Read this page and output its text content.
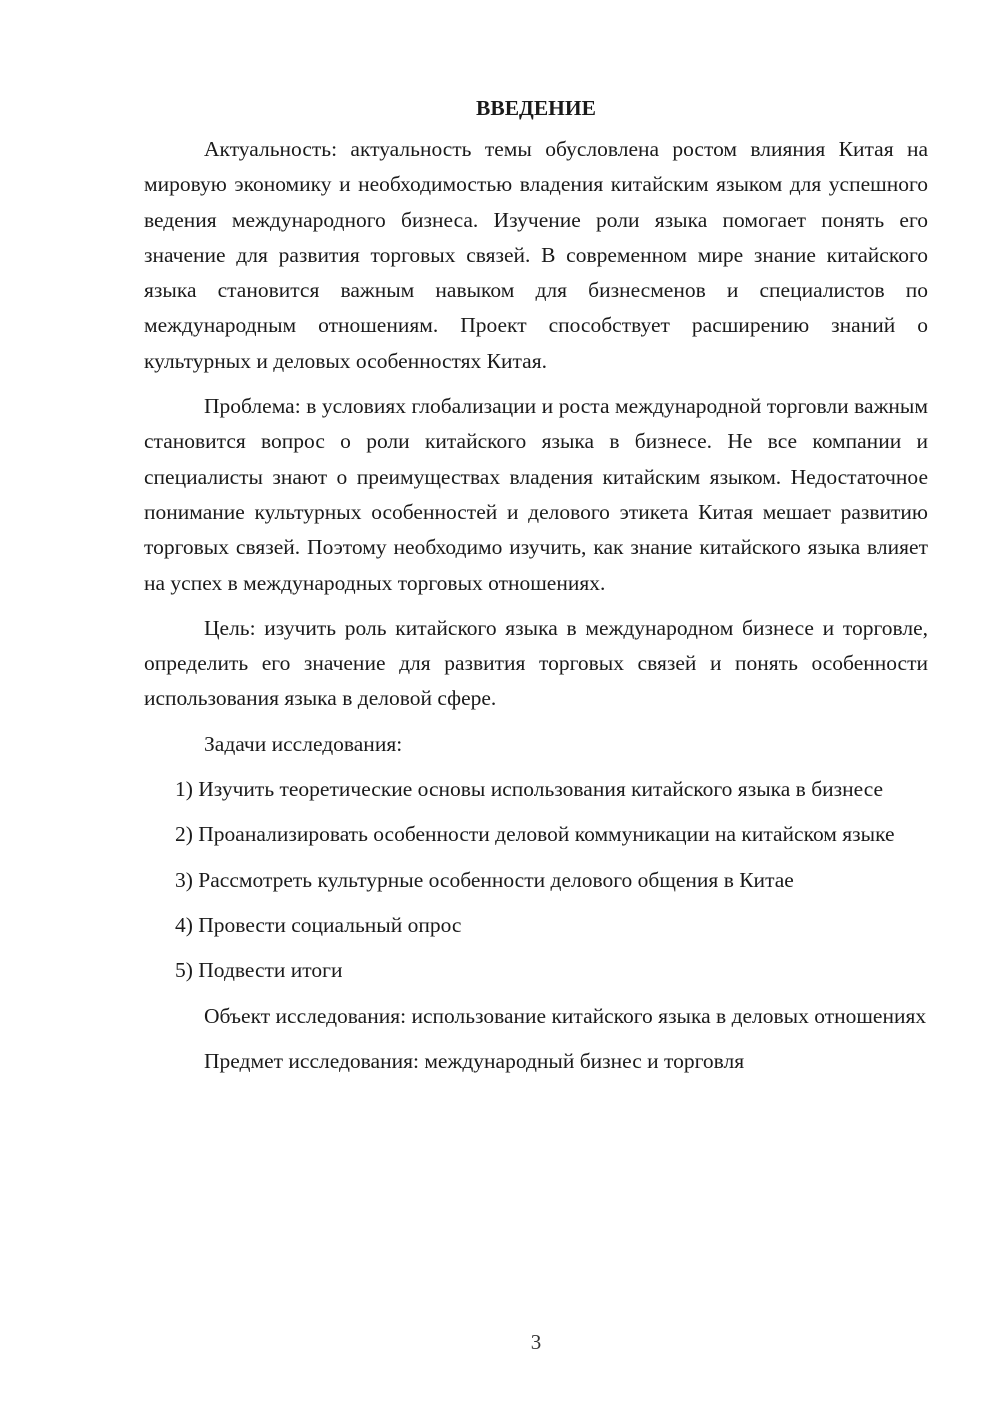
ВВЕДЕНИЕ

Актуальность: актуальность темы обусловлена ростом влияния Китая на мировую экономику и необходимостью владения китайским языком для успешного ведения международного бизнеса. Изучение роли языка помогает понять его значение для развития торговых связей. В современном мире знание китайского языка становится важным навыком для бизнесменов и специалистов по международным отношениям. Проект способствует расширению знаний о культурных и деловых особенностях Китая.

Проблема: в условиях глобализации и роста международной торговли важным становится вопрос о роли китайского языка в бизнесе. Не все компании и специалисты знают о преимуществах владения китайским языком. Недостаточное понимание культурных особенностей и делового этикета Китая мешает развитию торговых связей. Поэтому необходимо изучить, как знание китайского языка влияет на успех в международных торговых отношениях.

Цель: изучить роль китайского языка в международном бизнесе и торговле, определить его значение для развития торговых связей и понять особенности использования языка в деловой сфере.

Задачи исследования:

1) Изучить теоретические основы использования китайского языка в бизнесе

2) Проанализировать особенности деловой коммуникации на китайском языке

3) Рассмотреть культурные особенности делового общения в Китае

4) Провести социальный опрос

5) Подвести итоги

Объект исследования: использование китайского языка в деловых отношениях

Предмет исследования: международный бизнес и торговля

3
